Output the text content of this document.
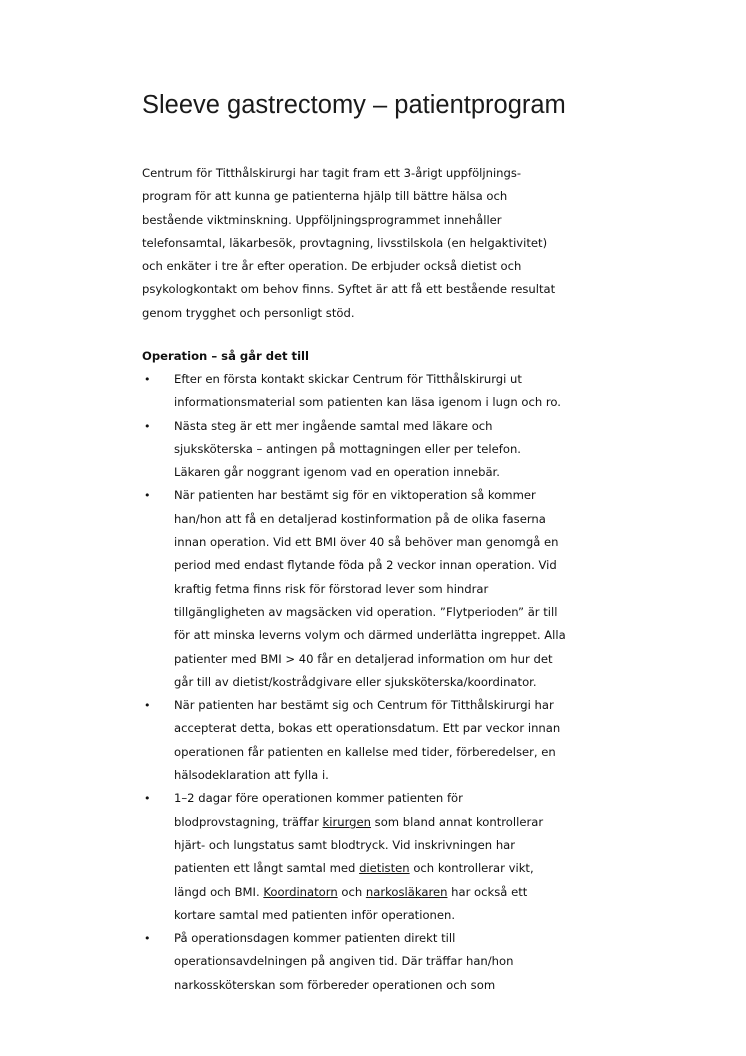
Sleeve gastrectomy – patientprogram

Centrum för Titthålskirurgi har tagit fram ett 3-årigt uppföljnings-
program för att kunna ge patienterna hjälp till bättre hälsa och
bestående viktminskning. Uppföljningsprogrammet innehåller
telefonsamtal, läkarbesök, provtagning, livsstilskola (en helgaktivitet)
och enkäter i tre år efter operation. De erbjuder också dietist och
psykologkontakt om behov finns. Syftet är att få ett bestående resultat
genom trygghet och personligt stöd.

Operation – så går det till
• Efter en första kontakt skickar Centrum för Titthålskirurgi ut
informationsmaterial som patienten kan läsa igenom i lugn och ro.
• Nästa steg är ett mer ingående samtal med läkare och
sjuksköterska – antingen på mottagningen eller per telefon.
Läkaren går noggrant igenom vad en operation innebär.
• När patienten har bestämt sig för en viktoperation så kommer
han/hon att få en detaljerad kostinformation på de olika faserna
innan operation. Vid ett BMI över 40 så behöver man genomgå en
period med endast flytande föda på 2 veckor innan operation. Vid
kraftig fetma finns risk för förstorad lever som hindrar
tillgängligheten av magsäcken vid operation. ”Flytperioden” är till
för att minska leverns volym och därmed underlätta ingreppet. Alla
patienter med BMI > 40 får en detaljerad information om hur det
går till av dietist/kostrådgivare eller sjuksköterska/koordinator.
• När patienten har bestämt sig och Centrum för Titthålskirurgi har
accepterat detta, bokas ett operationsdatum. Ett par veckor innan
operationen får patienten en kallelse med tider, förberedelser, en
hälsodeklaration att fylla i.
• 1–2 dagar före operationen kommer patienten för
blodprovstagning, träffar kirurgen som bland annat kontrollerar
hjärt- och lungstatus samt blodtryck. Vid inskrivningen har
patienten ett långt samtal med dietisten och kontrollerar vikt,
längd och BMI. Koordinatorn och narkosläkaren har också ett
kortare samtal med patienten inför operationen.
• På operationsdagen kommer patienten direkt till
operationsavdelningen på angiven tid. Där träffar han/hon
narkossköterskan som förbereder operationen och som
